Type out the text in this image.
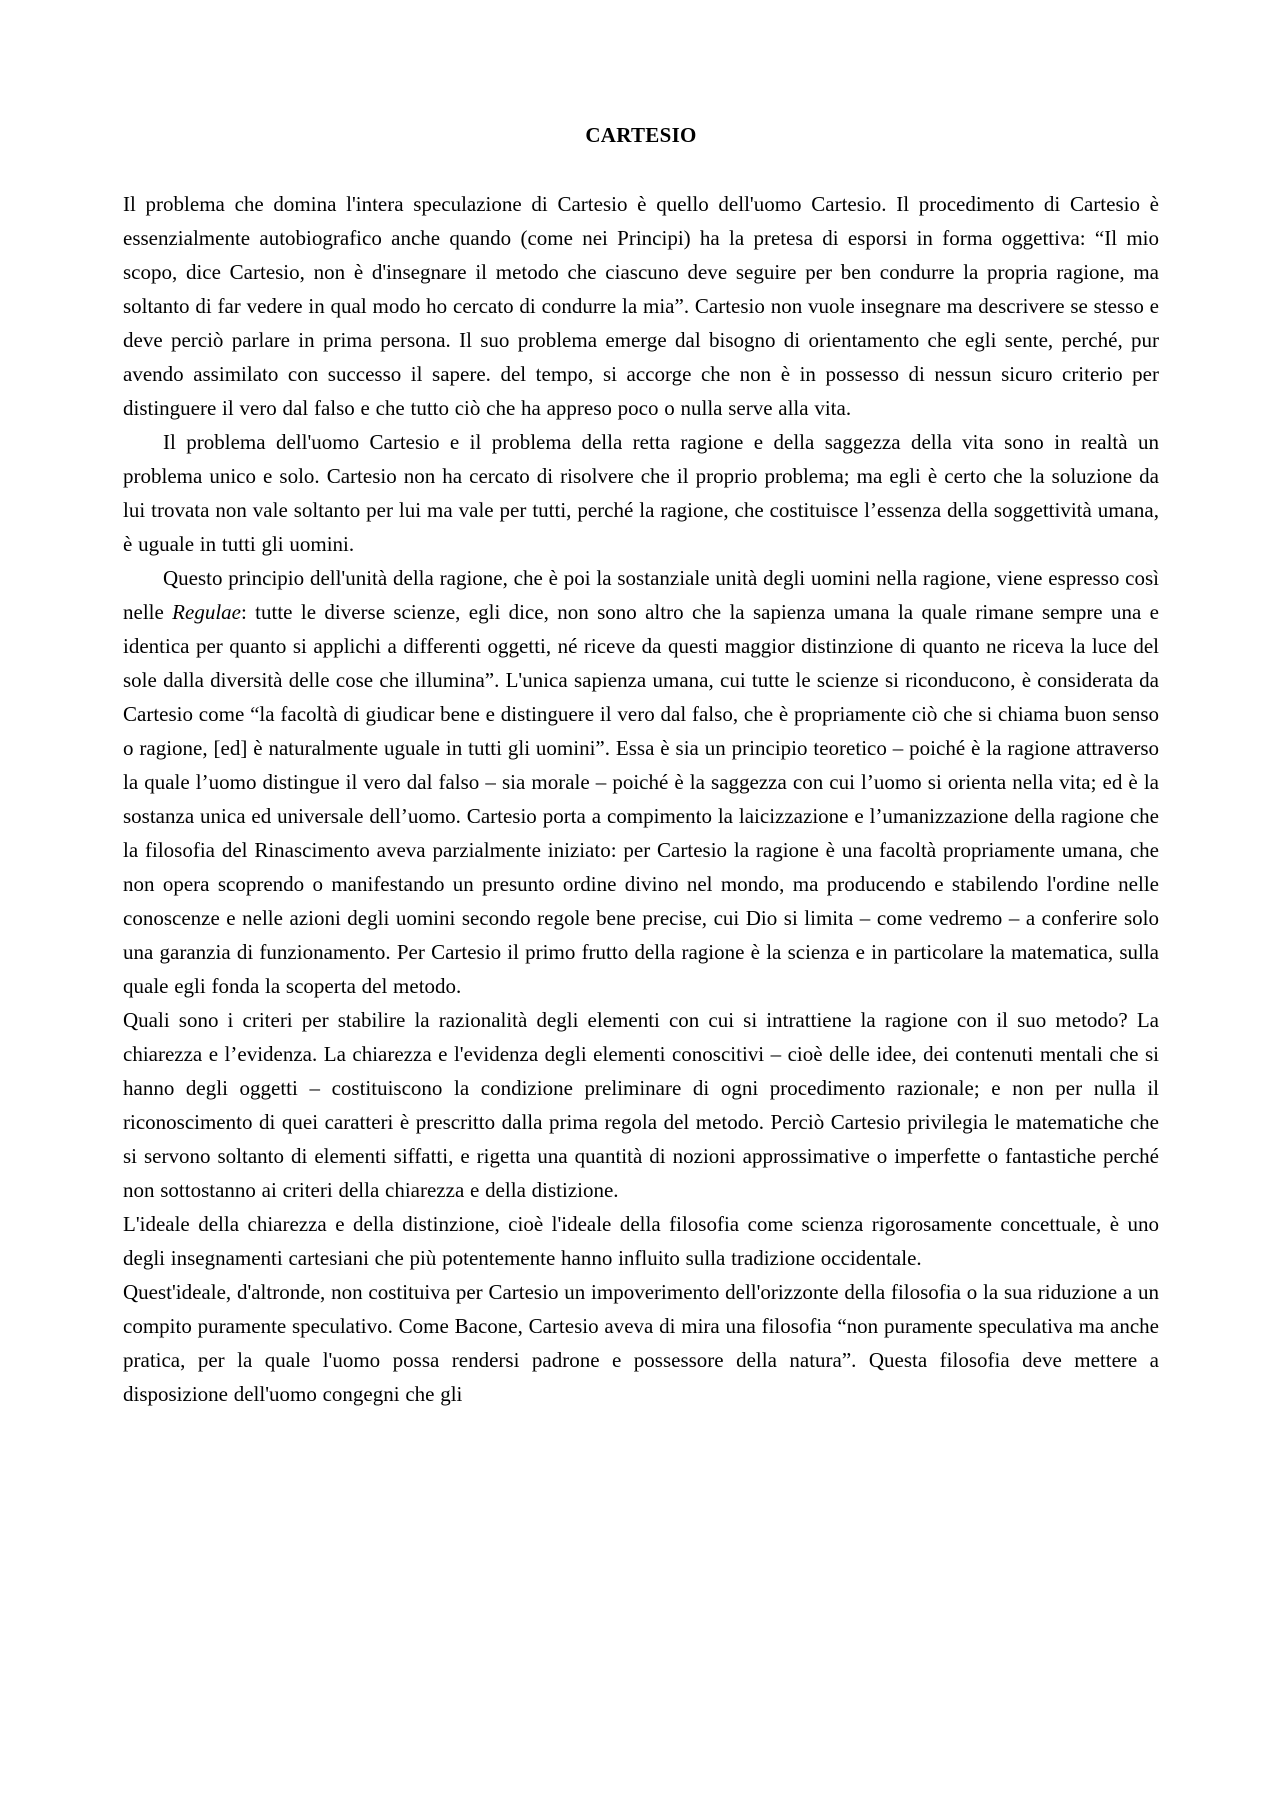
CARTESIO

Il problema che domina l'intera speculazione di Cartesio è quello dell'uomo Cartesio. Il procedimento di Cartesio è essenzialmente autobiografico anche quando (come nei Principi) ha la pretesa di esporsi in forma oggettiva: “Il mio scopo, dice Cartesio, non è d'insegnare il metodo che ciascuno deve seguire per ben condurre la propria ragione, ma soltanto di far vedere in qual modo ho cercato di condurre la mia”. Cartesio non vuole insegnare ma descrivere se stesso e deve perciò parlare in prima persona. Il suo problema emerge dal bisogno di orientamento che egli sente, perché, pur avendo assimilato con successo il sapere. del tempo, si accorge che non è in possesso di nessun sicuro criterio per distinguere il vero dal falso e che tutto ciò che ha appreso poco o nulla serve alla vita.

Il problema dell'uomo Cartesio e il problema della retta ragione e della saggezza della vita sono in realtà un problema unico e solo. Cartesio non ha cercato di risolvere che il proprio problema; ma egli è certo che la soluzione da lui trovata non vale soltanto per lui ma vale per tutti, perché la ragione, che costituisce l’essenza della soggettività umana, è uguale in tutti gli uomini.

Questo principio dell'unità della ragione, che è poi la sostanziale unità degli uomini nella ragione, viene espresso così nelle Regulae: tutte le diverse scienze, egli dice, non sono altro che la sapienza umana la quale rimane sempre una e identica per quanto si applichi a differenti oggetti, né riceve da questi maggior distinzione di quanto ne riceva la luce del sole dalla diversità delle cose che illumina”. L'unica sapienza umana, cui tutte le scienze si riconducono, è considerata da Cartesio come “la facoltà di giudicar bene e distinguere il vero dal falso, che è propriamente ciò che si chiama buon senso o ragione, [ed] è naturalmente uguale in tutti gli uomini”. Essa è sia un principio teoretico – poiché è la ragione attraverso la quale l’uomo distingue il vero dal falso – sia morale – poiché è la saggezza con cui l’uomo si orienta nella vita; ed è la sostanza unica ed universale dell’uomo. Cartesio porta a compimento la laicizzazione e l’umanizzazione della ragione che la filosofia del Rinascimento aveva parzialmente iniziato: per Cartesio la ragione è una facoltà propriamente umana, che non opera scoprendo o manifestando un presunto ordine divino nel mondo, ma producendo e stabilendo l'ordine nelle conoscenze e nelle azioni degli uomini secondo regole bene precise, cui Dio si limita – come vedremo – a conferire solo una garanzia di funzionamento. Per Cartesio il primo frutto della ragione è la scienza e in particolare la matematica, sulla quale egli fonda la scoperta del metodo.

Quali sono i criteri per stabilire la razionalità degli elementi con cui si intrattiene la ragione con il suo metodo? La chiarezza e l’evidenza. La chiarezza e l'evidenza degli elementi conoscitivi – cioè delle idee, dei contenuti mentali che si hanno degli oggetti – costituiscono la condizione preliminare di ogni procedimento razionale; e non per nulla il riconoscimento di quei caratteri è prescritto dalla prima regola del metodo. Perciò Cartesio privilegia le matematiche che si servono soltanto di elementi siffatti, e rigetta una quantità di nozioni approssimative o imperfette o fantastiche perché non sottostanno ai criteri della chiarezza e della distizione.

L'ideale della chiarezza e della distinzione, cioè l'ideale della filosofia come scienza rigorosamente concettuale, è uno degli insegnamenti cartesiani che più potentemente hanno influito sulla tradizione occidentale.

Quest'ideale, d'altronde, non costituiva per Cartesio un impoverimento dell'orizzonte della filosofia o la sua riduzione a un compito puramente speculativo. Come Bacone, Cartesio aveva di mira una filosofia “non puramente speculativa ma anche pratica, per la quale l'uomo possa rendersi padrone e possessore della natura”. Questa filosofia deve mettere a disposizione dell'uomo congegni che gli
